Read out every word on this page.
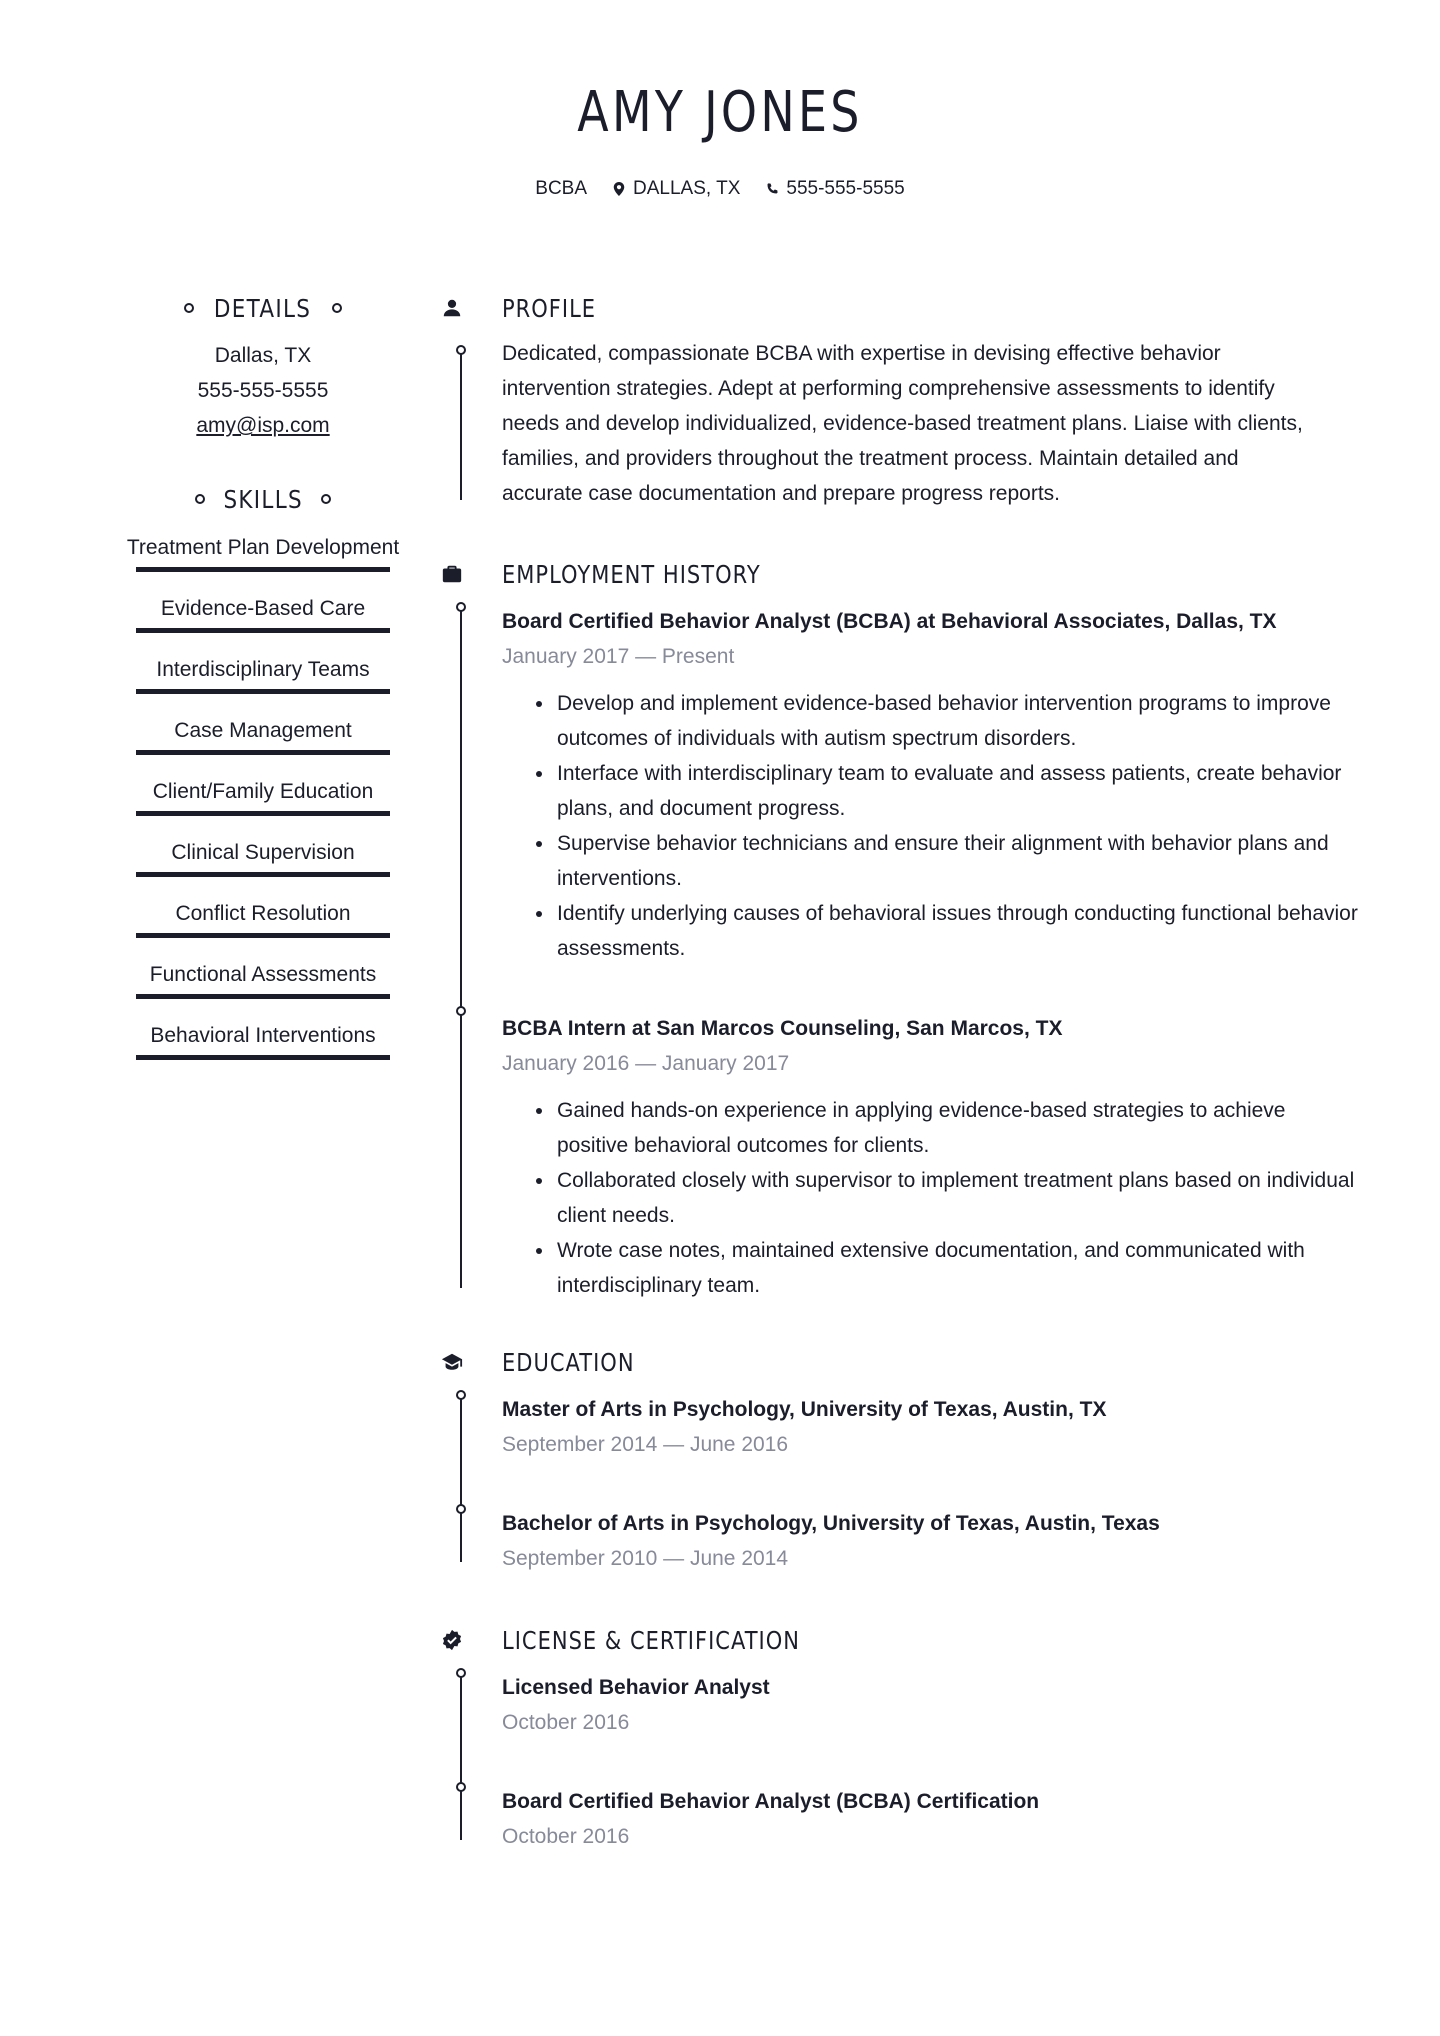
AMY JONES
BCBA DALLAS, TX 555-555-5555
DETAILS
Dallas, TX
555-555-5555
amy@isp.com
SKILLS
Treatment Plan Development
Evidence-Based Care
Interdisciplinary Teams
Case Management
Client/Family Education
Clinical Supervision
Conflict Resolution
Functional Assessments
Behavioral Interventions
PROFILE
Dedicated, compassionate BCBA with expertise in devising effective behavior
intervention strategies. Adept at performing comprehensive assessments to identify
needs and develop individualized, evidence-based treatment plans. Liaise with clients,
families, and providers throughout the treatment process. Maintain detailed and
accurate case documentation and prepare progress reports.
EMPLOYMENT HISTORY
Board Certified Behavior Analyst (BCBA) at Behavioral Associates, Dallas, TX
January 2017 — Present
• Develop and implement evidence-based behavior intervention programs to improve outcomes of individuals with autism spectrum disorders.
• Interface with interdisciplinary team to evaluate and assess patients, create behavior plans, and document progress.
• Supervise behavior technicians and ensure their alignment with behavior plans and interventions.
• Identify underlying causes of behavioral issues through conducting functional behavior assessments.
BCBA Intern at San Marcos Counseling, San Marcos, TX
January 2016 — January 2017
• Gained hands-on experience in applying evidence-based strategies to achieve positive behavioral outcomes for clients.
• Collaborated closely with supervisor to implement treatment plans based on individual client needs.
• Wrote case notes, maintained extensive documentation, and communicated with interdisciplinary team.
EDUCATION
Master of Arts in Psychology, University of Texas, Austin, TX
September 2014 — June 2016
Bachelor of Arts in Psychology, University of Texas, Austin, Texas
September 2010 — June 2014
LICENSE & CERTIFICATION
Licensed Behavior Analyst
October 2016
Board Certified Behavior Analyst (BCBA) Certification
October 2016
